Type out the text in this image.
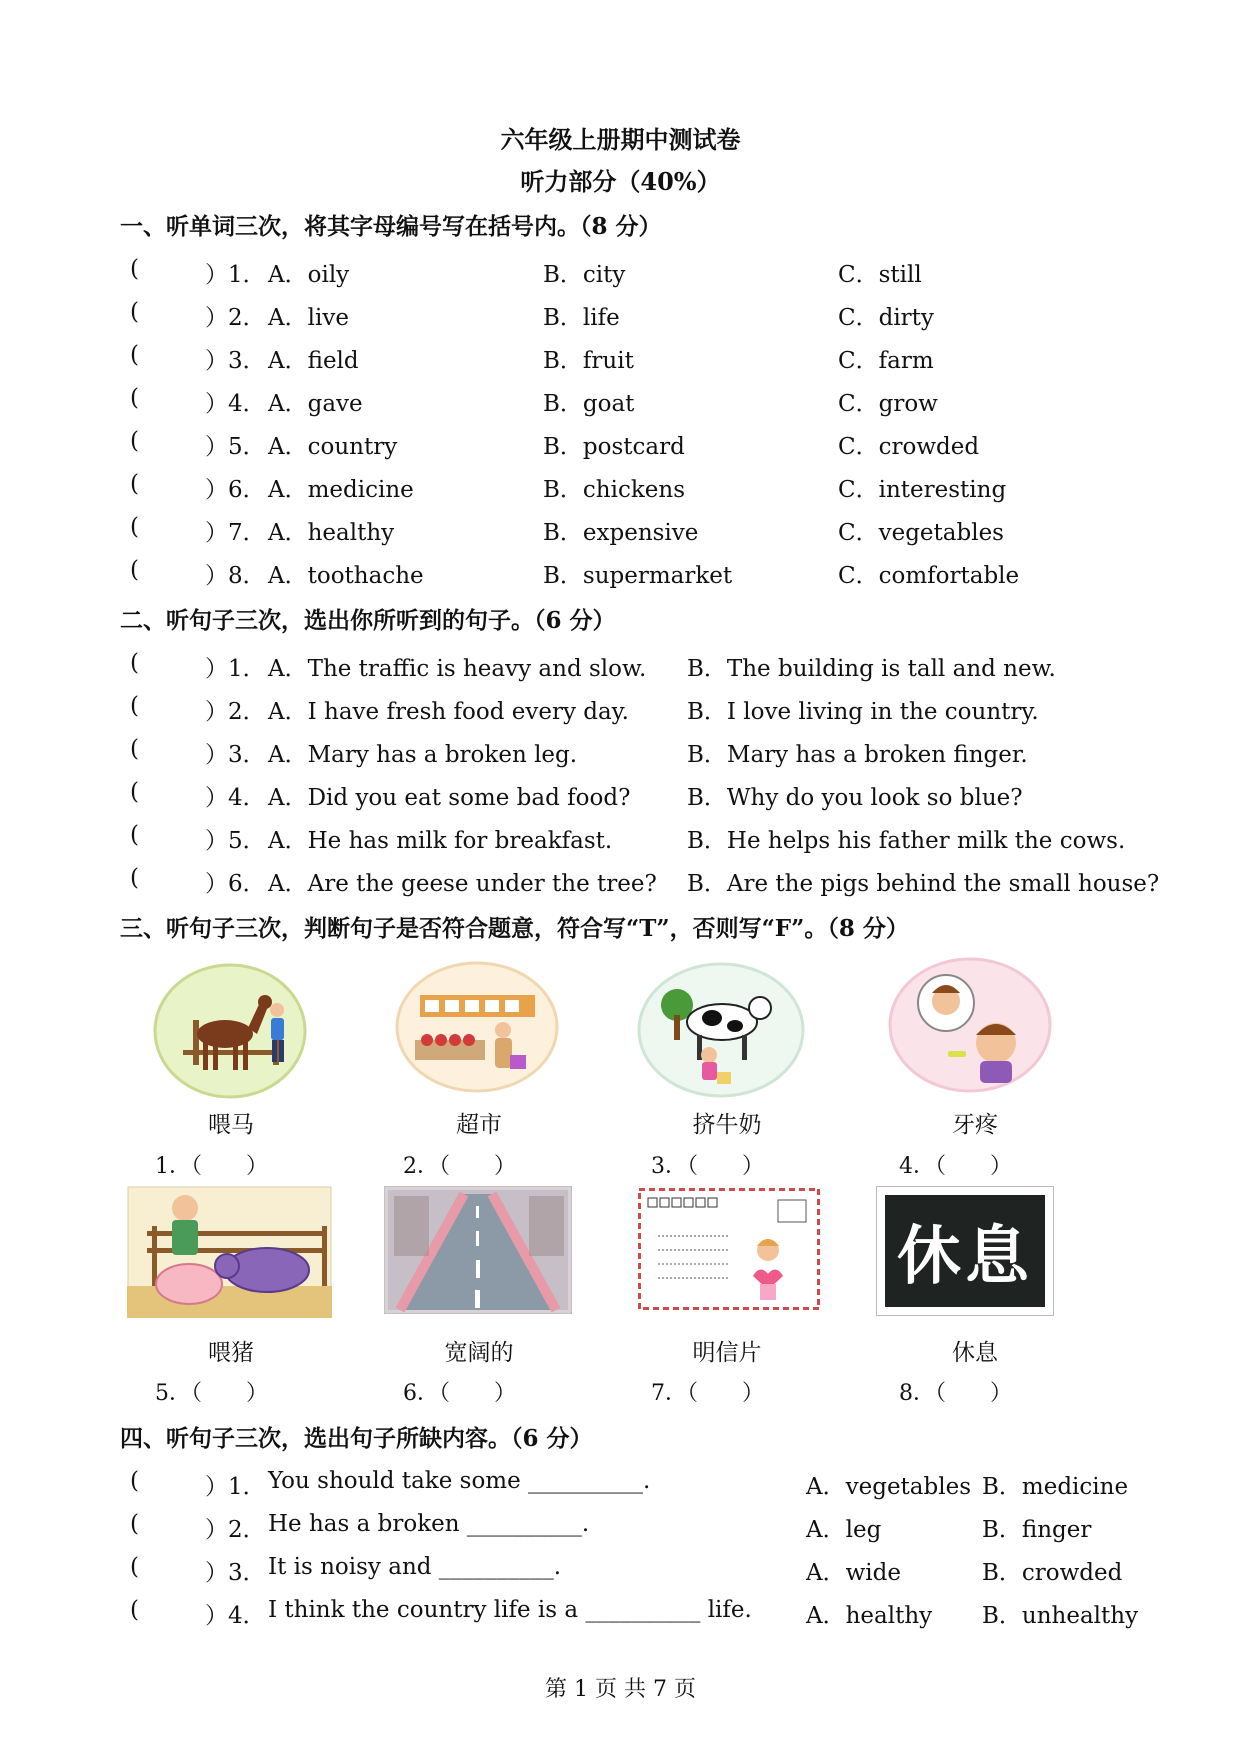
六年级上册期中测试卷
听力部分（40%）
一、听单词三次，将其字母编号写在括号内。（8 分）
(	）1． A．oily	B．city	C．still
(	）2． A．live	B．life	C．dirty
(	）3． A．field	B．fruit	C．farm
(	）4． A．gave	B．goat	C．grow
(	）5． A．country	B．postcard	C．crowded
(	）6． A．medicine	B．chickens	C．interesting
(	）7． A．healthy	B．expensive	C．vegetables
(	）8． A．toothache	B．supermarket	C．comfortable
二、听句子三次，选出你所听到的句子。（6 分）
(	）1． A．The traffic is heavy and slow. B．The building is tall and new.
(	）2． A．I have fresh food every day.	B．I love living in the country.
(	）3． A．Mary has a broken leg.	B．Mary has a broken finger.
(	）4． A．Did you eat some bad food? B．Why do you look so blue?
(	）5． A．He has milk for breakfast.	B．He helps his father milk the cows.
(	）6． A．Are the geese under the tree? B．Are the pigs behind the small house?
三、听句子三次，判断句子是否符合题意，符合写“T”，否则写“F”。（8 分）
喂马	超市	挤牛奶	牙疼
1．（　　）	2．（　　）	3．（　　）	4．（　　）
休息
喂猪	宽阔的	明信片	休息
5．（　　）	6．（　　）	7．（　　）	8．（　　）
四、听句子三次，选出句子所缺内容。（6 分）
(	）1． You should take some __________.	A．vegetables B．medicine
(	）2． He has a broken __________.	A．leg	B．finger
(	）3． It is noisy and __________.	A．wide	B．crowded
(	）4． I think the country life is a __________ life. A．healthy B．unhealthy
第 1 页 共 7 页
